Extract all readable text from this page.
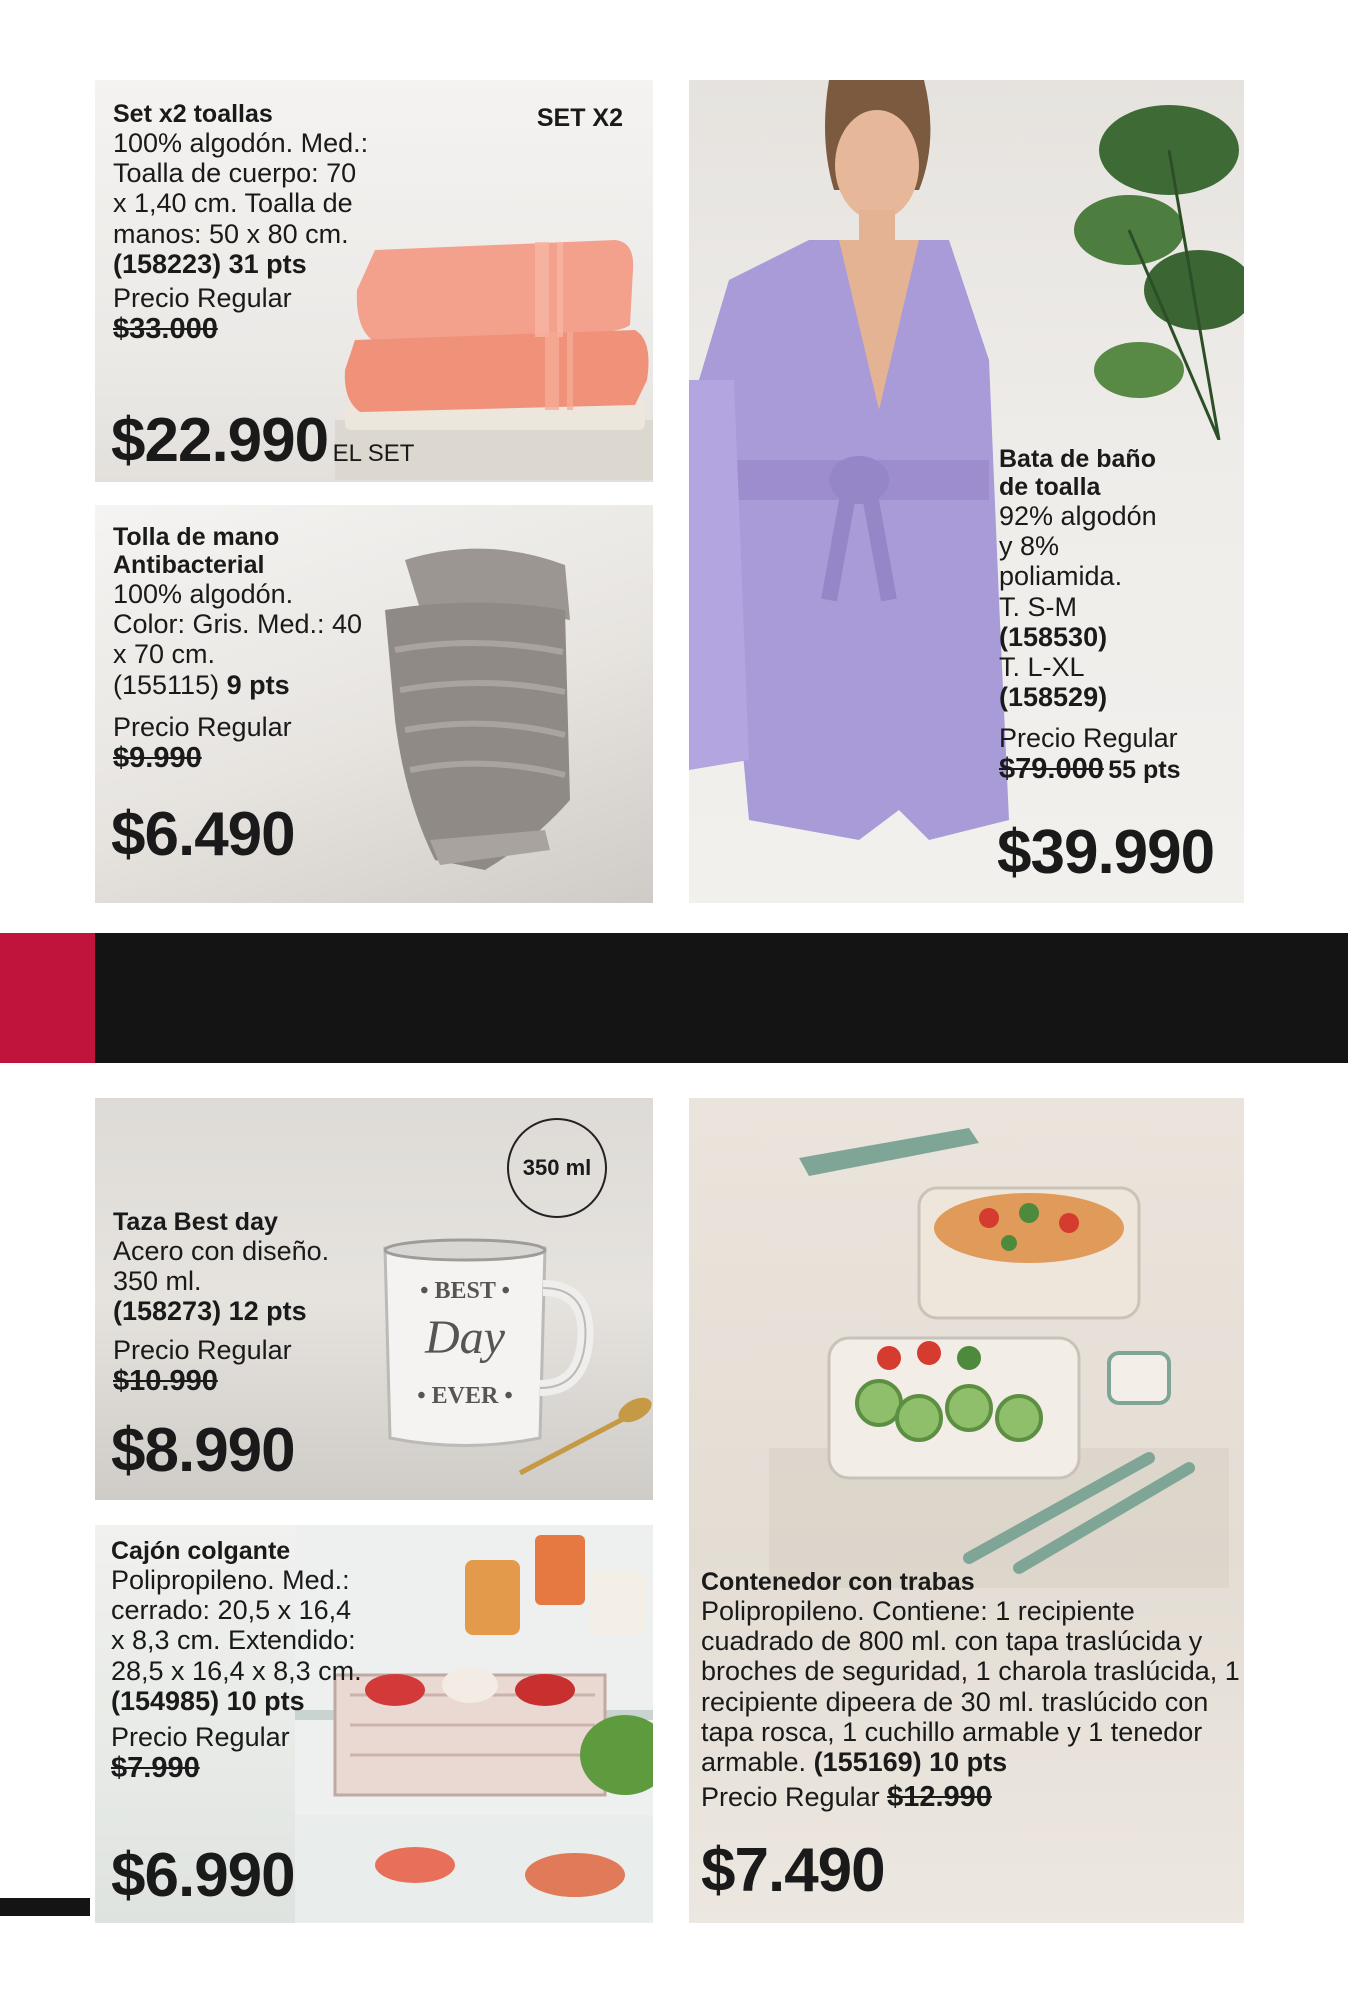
Set x2 toallas

100% algodón. Med.: Toalla de cuerpo: 70 x 1,40 cm. Toalla de manos: 50 x 80 cm.
(158223) 31 pts
Precio Regular
$33.000
SET X2
$22.990 EL SET
Tolla de mano
Antibacterial
100% algodón. Color: Gris. Med.: 40 x 70 cm.
(155115) 9 pts
Precio Regular
$9.990
$6.490
Bata de baño
de toalla
92% algodón
y 8%
poliamida.
T. S-M
(158530)
T. L-XL
(158529)
Precio Regular
$79.000 55 pts
$39.990
• BEST •
Day
• EVER •
350 ml
Taza Best day
Acero con diseño. 350 ml.
(158273) 12 pts
Precio Regular
$10.990
$8.990
Cajón colgante
Polipropileno. Med.: cerrado: 20,5 x 16,4 x 8,3 cm. Extendido: 28,5 x 16,4 x 8,3 cm.
(154985) 10 pts
Precio Regular
$7.990
$6.990
Contenedor con trabas
Polipropileno. Contiene: 1 recipiente cuadrado de 800 ml. con tapa traslúcida y broches de seguridad, 1 charola traslúcida, 1 recipiente dipeera de 30 ml. traslúcido con tapa rosca, 1 cuchillo armable y 1 tenedor armable. (155169) 10 pts
Precio Regular $12.990
$7.490
